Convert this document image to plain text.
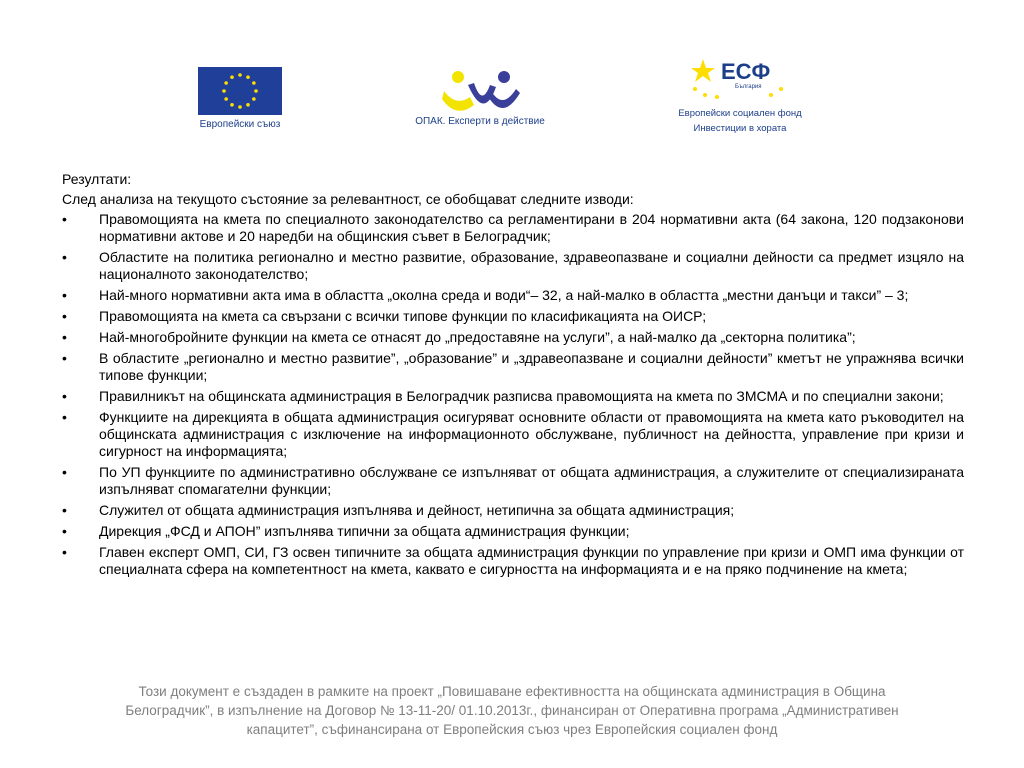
Европейски съюз	ОПАК. Експерти в действие
ЕСФ
България
Европейски социален фонд
Инвестиции в хората

Резултати:

След анализа на текущото състояние за релевантност, се обобщават следните изводи:

• Правомощията на кмета по специалното законодателство са регламентирани в 204 нормативни акта (64 закона, 120 подзаконови нормативни актове и 20 наредби на общинския съвет в Белоградчик;
• Областите на политика регионално и местно развитие, образование, здравеопазване и социални дейности са предмет изцяло на националното законодателство;
• Най-много нормативни акта има в областта „околна среда и води“– 32, а най-малко в областта „местни данъци и такси” – 3;
• Правомощията на кмета са свързани с всички типове функции по класификацията на ОИСР;
• Най-многобройните функции на кмета се отнасят до „предоставяне на услуги”, а най-малко да „секторна политика”;
• В областите „регионално и местно развитие”, „образование” и „здравеопазване и социални дейности” кметът не упражнява всички типове функции;
• Правилникът на общинската администрация в Белоградчик разписва правомощията на кмета по ЗМСМА и по специални закони;
• Функциите на дирекцията в общата администрация осигуряват основните области от правомощията на кмета като ръководител на общинската администрация с изключение на информационното обслужване, публичност на дейността, управление при кризи и сигурност на информацията;
• По УП функциите по административно обслужване се изпълняват от общата администрация, а служителите от специализираната изпълняват спомагателни функции;
• Служител от общата администрация изпълнява и дейност, нетипична за общата администрация;
• Дирекция „ФСД и АПОН” изпълнява типични за общата администрация функции;
• Главен експерт ОМП, СИ, ГЗ освен типичните за общата администрация функции по управление при кризи и ОМП има функции от специалната сфера на компетентност на кмета, каквато е сигурността на информацията и е на пряко подчинение на кмета;
Този документ е създаден в рамките на проект „Повишаване ефективността на общинската администрация в Община
Белоградчик”, в изпълнение на Договор № 13-11-20/ 01.10.2013г., финансиран от Оперативна програма „Административен
капацитет”, съфинансирана от Европейския съюз чрез Европейския социален фонд
